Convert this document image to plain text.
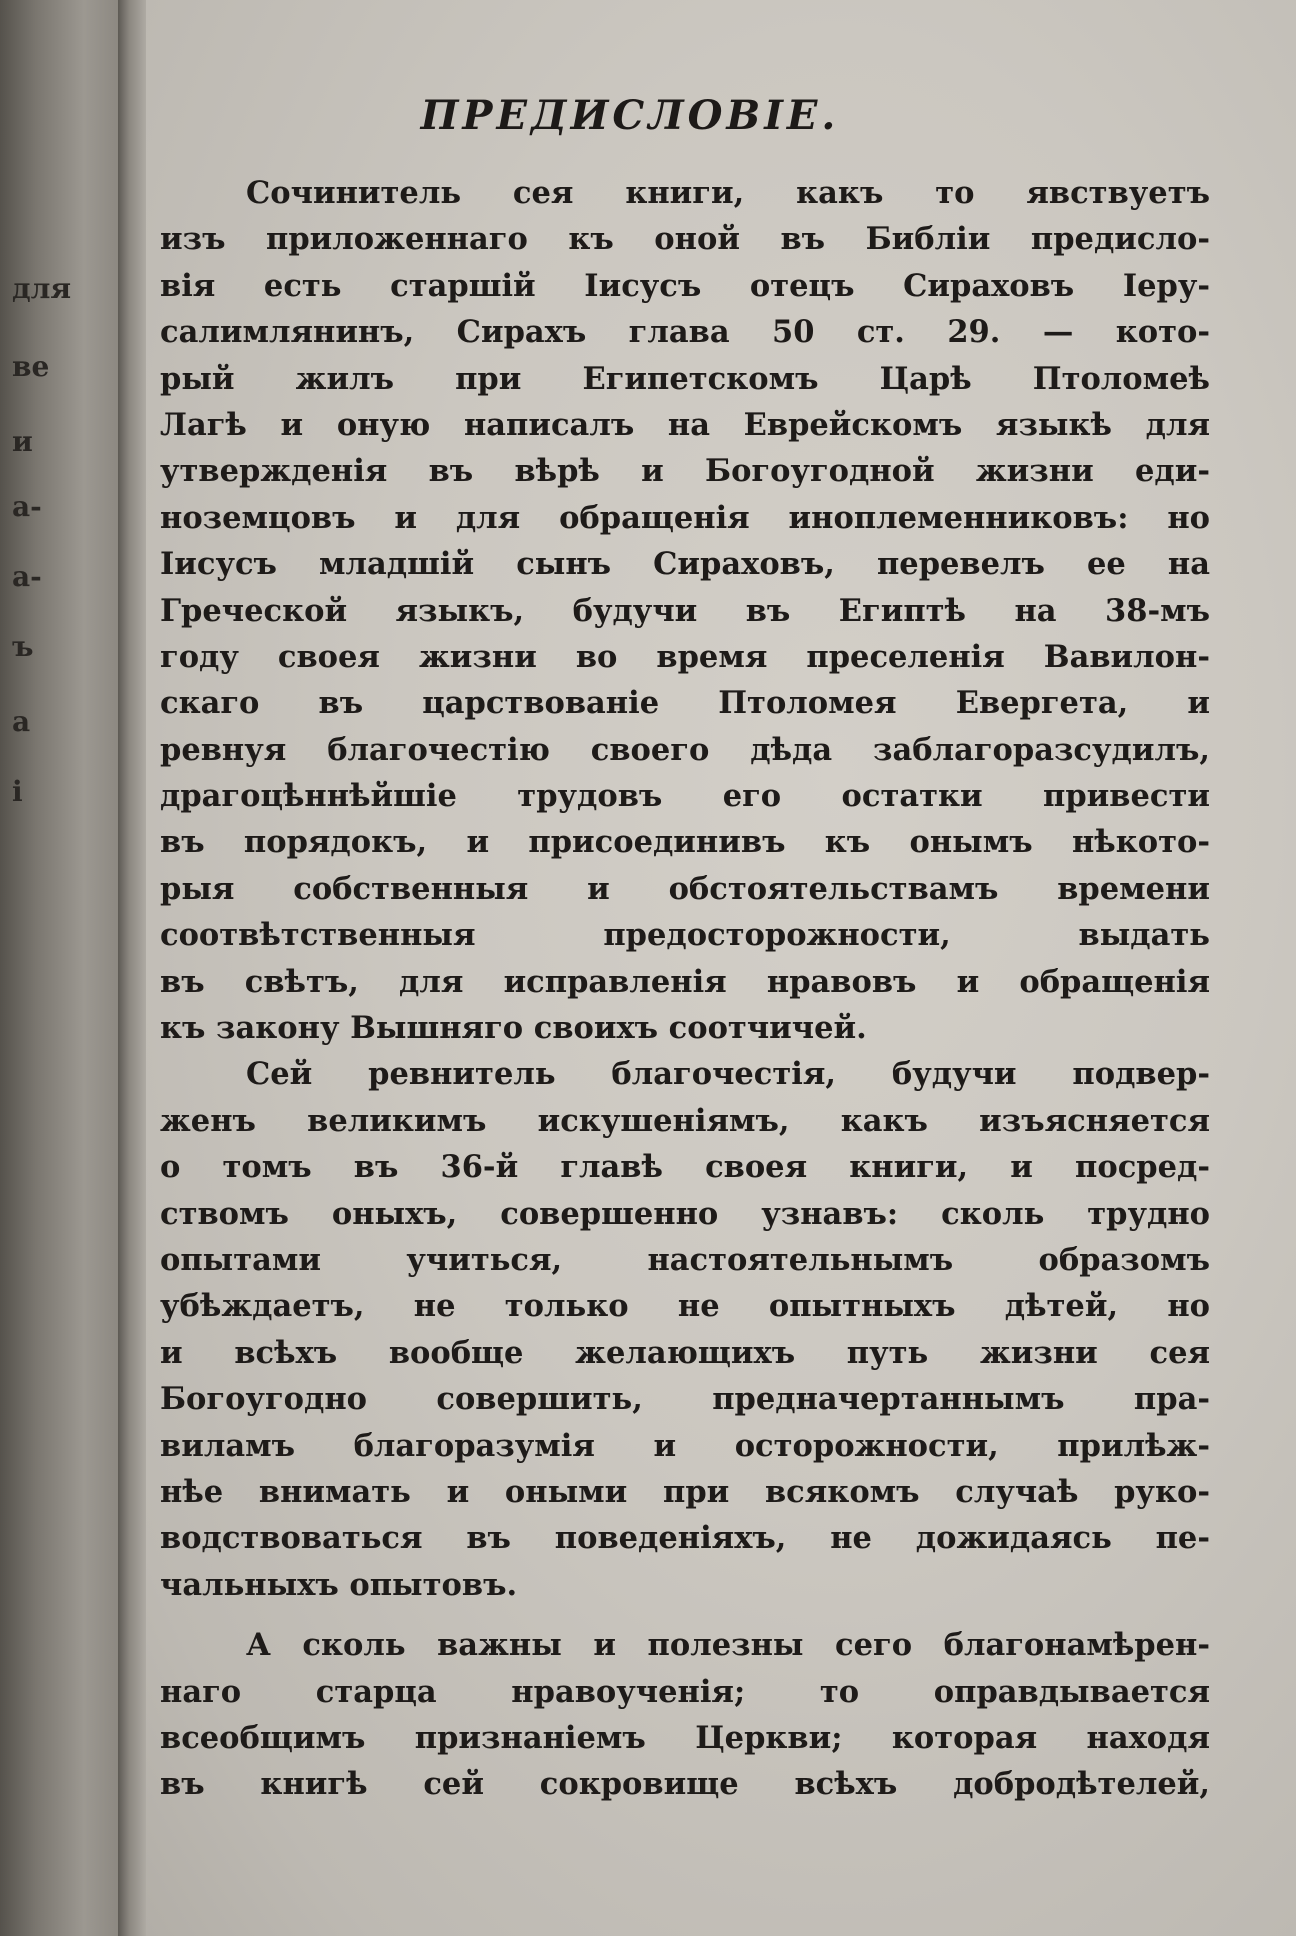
для
ве
и
а-
а-
ъ
а
і
ПРЕДИСЛОВІЕ.
Сочинитель сея книги, какъ то явствуетъ
изъ приложеннаго къ оной въ Библіи предисло-
вія есть старшій Іисусъ отецъ Сираховъ Іеру-
салимлянинъ, Сирахъ глава 50 ст. 29. — кото-
рый жилъ при Египетскомъ Царѣ Птоломеѣ
Лагѣ и оную написалъ на Еврейскомъ языкѣ для
утвержденія въ вѣрѣ и Богоугодной жизни еди-
ноземцовъ и для обращенія иноплеменниковъ: но
Іисусъ младшій сынъ Сираховъ, перевелъ ее на
Греческой языкъ, будучи въ Египтѣ на 38-мъ
году своея жизни во время преселенія Вавилон-
скаго въ царствованіе Птоломея Евергета, и
ревнуя благочестію своего дѣда заблагоразсудилъ,
драгоцѣннѣйшіе трудовъ его остатки привести
въ порядокъ, и присоединивъ къ онымъ нѣкото-
рыя собственныя и обстоятельствамъ времени
соотвѣтственныя предосторожности, выдать
въ свѣтъ, для исправленія нравовъ и обращенія
къ закону Вышняго своихъ соотчичей.
Сей ревнитель благочестія, будучи подвер-
женъ великимъ искушеніямъ, какъ изъясняется
о томъ въ 36-й главѣ своея книги, и посред-
ствомъ оныхъ, совершенно узнавъ: сколь трудно
опытами учиться, настоятельнымъ образомъ
убѣждаетъ, не только не опытныхъ дѣтей, но
и всѣхъ вообще желающихъ путь жизни сея
Богоугодно совершить, предначертаннымъ пра-
виламъ благоразумія и осторожности, прилѣж-
нѣе внимать и оными при всякомъ случаѣ руко-
водствоваться въ поведеніяхъ, не дожидаясь пе-
чальныхъ опытовъ.
А сколь важны и полезны сего благонамѣрен-
наго старца нравоученія; то оправдывается
всеобщимъ признаніемъ Церкви; которая находя
въ книгѣ сей сокровище всѣхъ добродѣтелей,
